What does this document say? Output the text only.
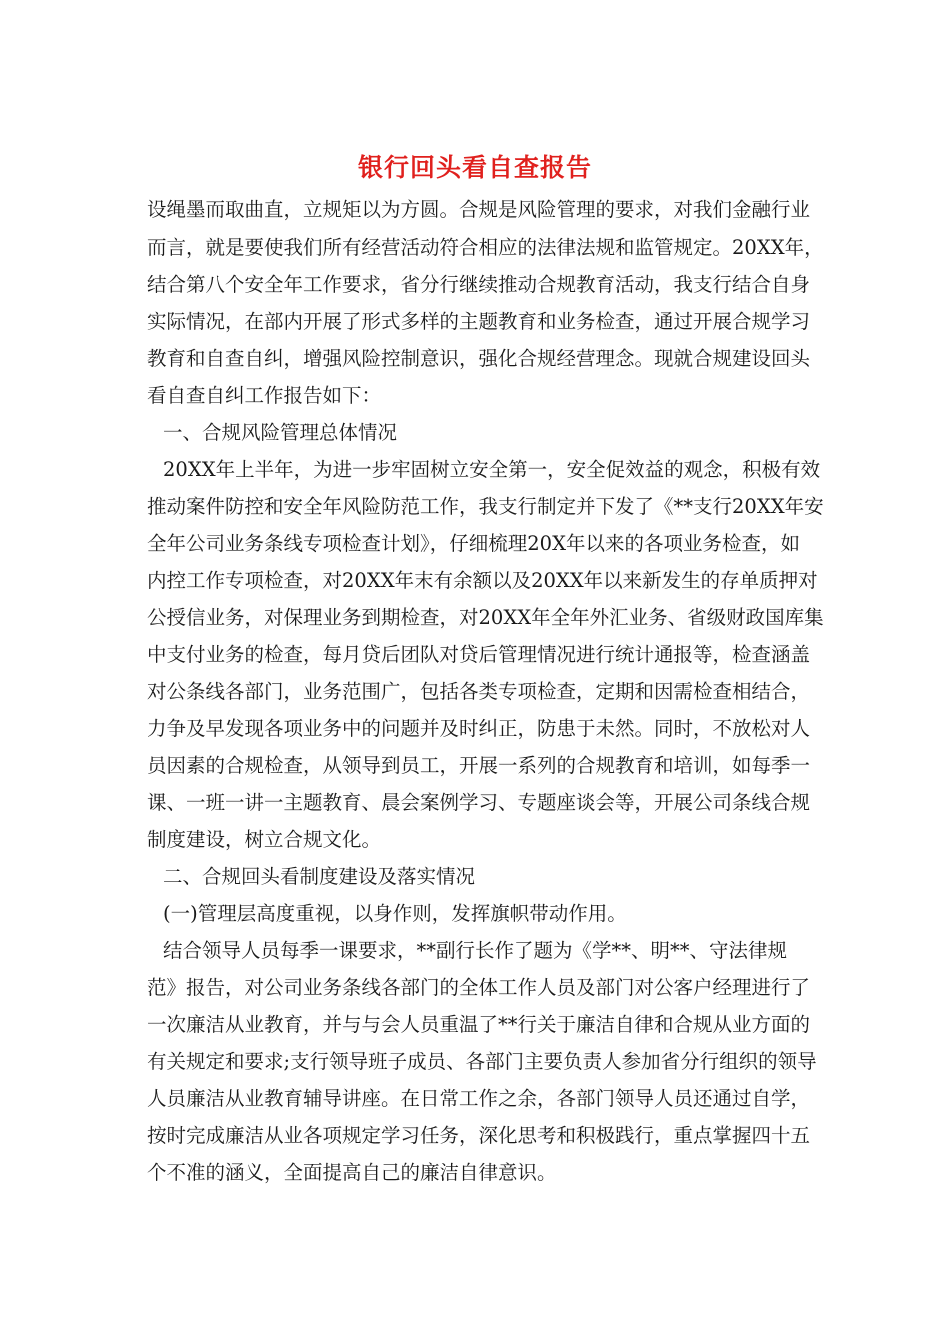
银行回头看自查报告
设绳墨而取曲直，立规矩以为方圆。合规是风险管理的要求，对我们金融行业
而言，就是要使我们所有经营活动符合相应的法律法规和监管规定。20XX年，
结合第八个安全年工作要求，省分行继续推动合规教育活动，我支行结合自身
实际情况，在部内开展了形式多样的主题教育和业务检查，通过开展合规学习
教育和自查自纠，增强风险控制意识，强化合规经营理念。现就合规建设回头
看自查自纠工作报告如下：
一、合规风险管理总体情况
20XX年上半年，为进一步牢固树立安全第一，安全促效益的观念，积极有效
推动案件防控和安全年风险防范工作，我支行制定并下发了《**支行20XX年安
全年公司业务条线专项检查计划》，仔细梳理20X年以来的各项业务检查，如
内控工作专项检查，对20XX年末有余额以及20XX年以来新发生的存单质押对
公授信业务，对保理业务到期检查，对20XX年全年外汇业务、省级财政国库集
中支付业务的检查，每月贷后团队对贷后管理情况进行统计通报等，检查涵盖
对公条线各部门，业务范围广，包括各类专项检查，定期和因需检查相结合，
力争及早发现各项业务中的问题并及时纠正，防患于未然。同时，不放松对人
员因素的合规检查，从领导到员工，开展一系列的合规教育和培训，如每季一
课、一班一讲一主题教育、晨会案例学习、专题座谈会等，开展公司条线合规
制度建设，树立合规文化。
二、合规回头看制度建设及落实情况
(一)管理层高度重视，以身作则，发挥旗帜带动作用。
结合领导人员每季一课要求，**副行长作了题为《学**、明**、守法律规
范》报告，对公司业务条线各部门的全体工作人员及部门对公客户经理进行了
一次廉洁从业教育，并与与会人员重温了**行关于廉洁自律和合规从业方面的
有关规定和要求;支行领导班子成员、各部门主要负责人参加省分行组织的领导
人员廉洁从业教育辅导讲座。在日常工作之余，各部门领导人员还通过自学，
按时完成廉洁从业各项规定学习任务，深化思考和积极践行，重点掌握四十五
个不准的涵义，全面提高自己的廉洁自律意识。
